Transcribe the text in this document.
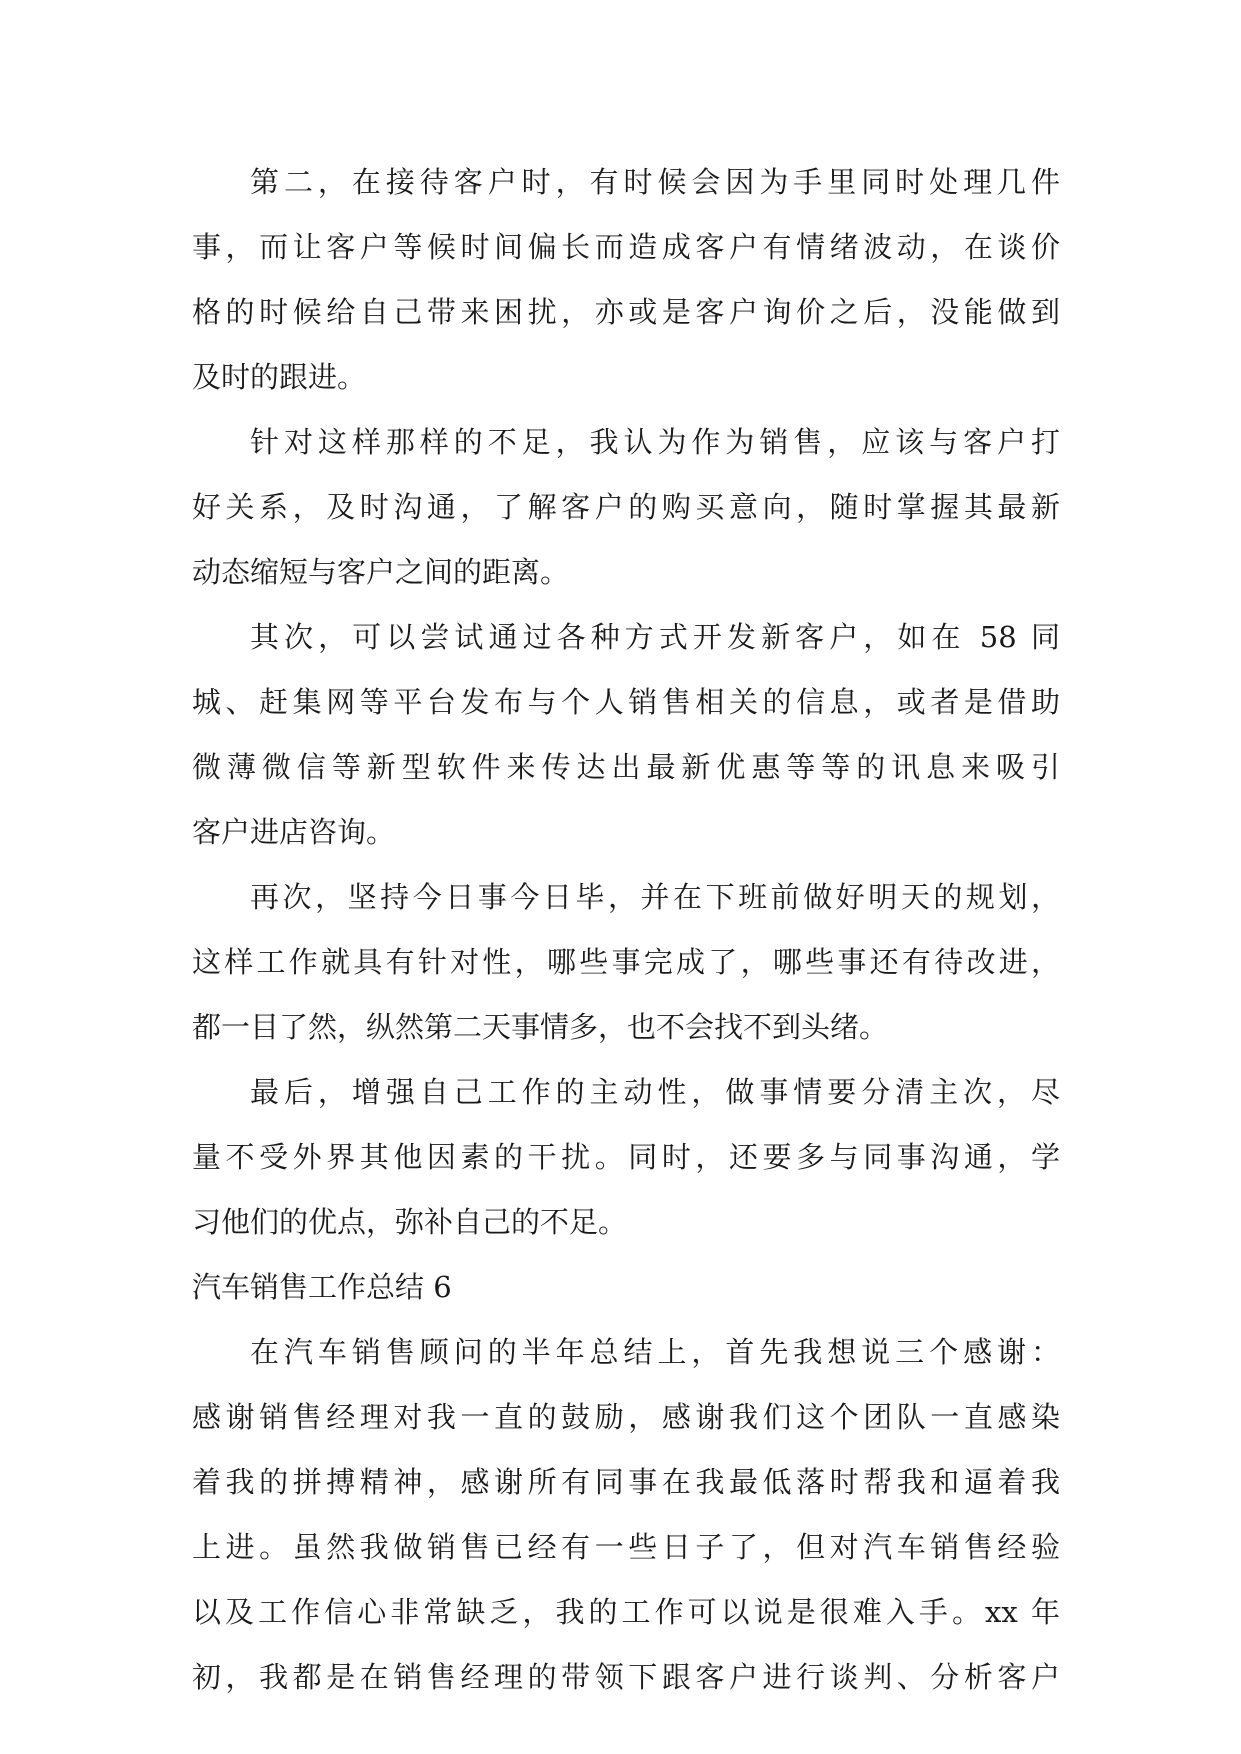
第二，在接待客户时，有时候会因为手里同时处理几件
事，而让客户等候时间偏长而造成客户有情绪波动，在谈价
格的时候给自己带来困扰，亦或是客户询价之后，没能做到
及时的跟进。
针对这样那样的不足，我认为作为销售，应该与客户打
好关系，及时沟通，了解客户的购买意向，随时掌握其最新
动态缩短与客户之间的距离。
其次，可以尝试通过各种方式开发新客户，如在 58 同
城、赶集网等平台发布与个人销售相关的信息，或者是借助
微薄微信等新型软件来传达出最新优惠等等的讯息来吸引
客户进店咨询。
再次，坚持今日事今日毕，并在下班前做好明天的规划，
这样工作就具有针对性，哪些事完成了，哪些事还有待改进，
都一目了然，纵然第二天事情多，也不会找不到头绪。
最后，增强自己工作的主动性，做事情要分清主次，尽
量不受外界其他因素的干扰。同时，还要多与同事沟通，学
习他们的优点，弥补自己的不足。
汽车销售工作总结 6
在汽车销售顾问的半年总结上，首先我想说三个感谢：
感谢销售经理对我一直的鼓励，感谢我们这个团队一直感染
着我的拼搏精神，感谢所有同事在我最低落时帮我和逼着我
上进。虽然我做销售已经有一些日子了，但对汽车销售经验
以及工作信心非常缺乏，我的工作可以说是很难入手。xx 年
初，我都是在销售经理的带领下跟客户进行谈判、分析客户
